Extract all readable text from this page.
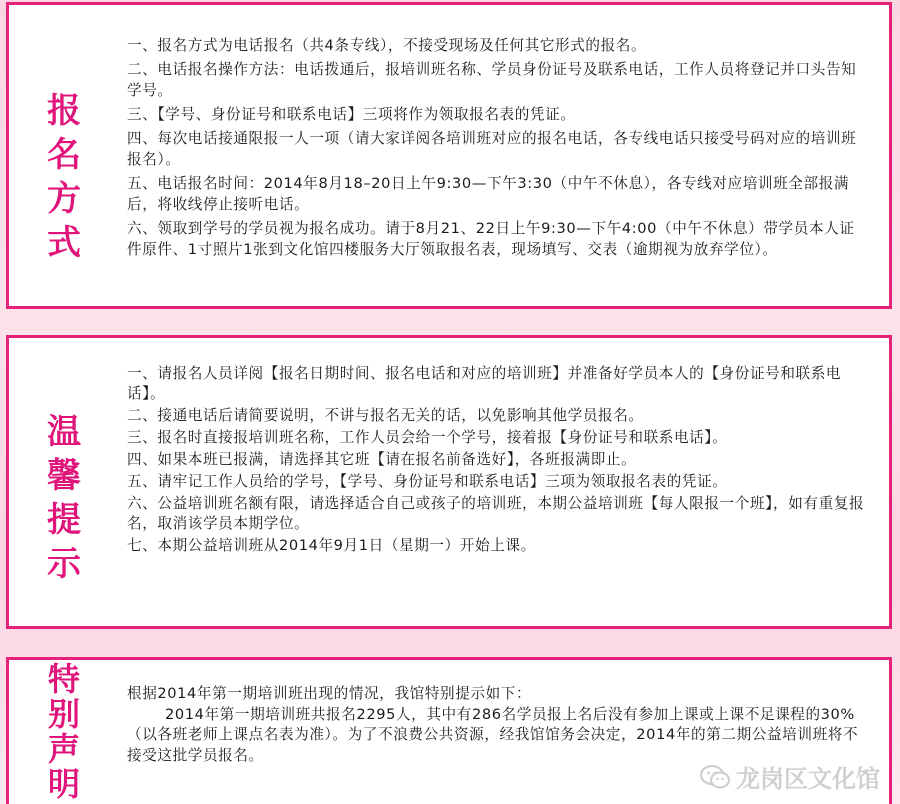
报
名
方
式
一、报名方式为电话报名（共4条专线），不接受现场及任何其它形式的报名。
二、电话报名操作方法：电话拨通后，报培训班名称、学员身份证号及联系电话，工作人员将登记并口头告知学号。
三、【学号、身份证号和联系电话】三项将作为领取报名表的凭证。
四、每次电话接通限报一人一项（请大家详阅各培训班对应的报名电话，各专线电话只接受号码对应的培训班报名）。
五、电话报名时间：2014年8月18–20日上午9:30—下午3:30（中午不休息），各专线对应培训班全部报满后，将收线停止接听电话。
六、领取到学号的学员视为报名成功。请于8月21、22日上午9:30—下午4:00（中午不休息）带学员本人证件原件、1寸照片1张到文化馆四楼服务大厅领取报名表，现场填写、交表（逾期视为放弃学位）。
温
馨
提
示
一、请报名人员详阅【报名日期时间、报名电话和对应的培训班】并准备好学员本人的【身份证号和联系电话】。
二、接通电话后请简要说明，不讲与报名无关的话，以免影响其他学员报名。
三、报名时直接报培训班名称，工作人员会给一个学号，接着报【身份证号和联系电话】。
四、如果本班已报满，请选择其它班【请在报名前备选好】，各班报满即止。
五、请牢记工作人员给的学号，【学号、身份证号和联系电话】三项为领取报名表的凭证。
六、公益培训班名额有限，请选择适合自己或孩子的培训班，本期公益培训班【每人限报一个班】，如有重复报名，取消该学员本期学位。
七、本期公益培训班从2014年9月1日（星期一）开始上课。
特
别
声
明

根据2014年第一期培训班出现的情况，我馆特别提示如下：

2014年第一期培训班共报名2295人，其中有286名学员报上名后没有参加上课或上课不足课程的30%（以各班老师上课点名表为准）。为了不浪费公共资源，经我馆馆务会决定，2014年的第二期公益培训班将不接受这批学员报名。

龙岗区文化馆
